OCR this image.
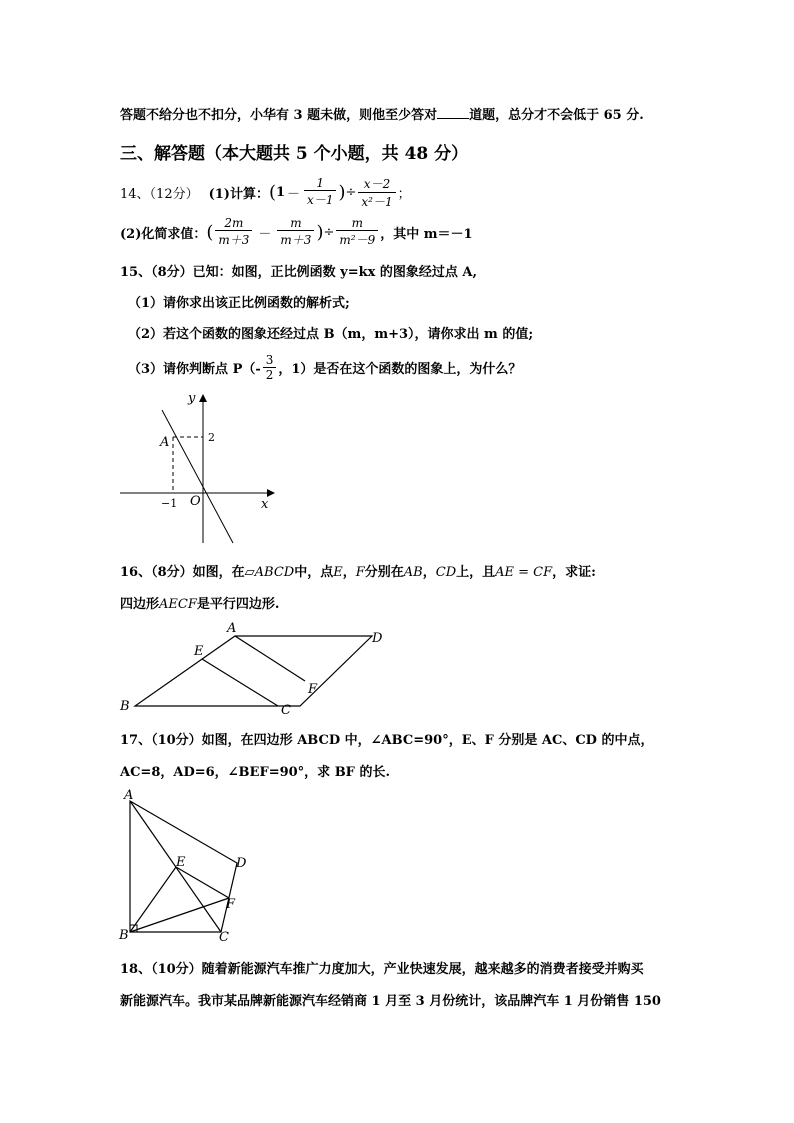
答题不给分也不扣分，小华有 3 题未做，则他至少答对 道题，总分才不会低于 65 分.
三、解答题（本大题共 5 个小题，共 48 分）
14、（12分） (1)计算： ( $1 - \frac{1}{x-1}$ ) ÷ $\frac{x-2}{\text{x²－1}}$ ；
(2)化简求值： ( $\frac{2m}{m+3} - \frac{m}{m+3}$ ) ÷ $\frac{m}{\text{m²－9}}$ ，其中 m＝－1
15、（8分）已知：如图，正比例函数 y=kx 的图象经过点 A,
（1）请你求出该正比例函数的解析式;
（2）若这个函数的图象还经过点 B（m，m+3），请你求出 m 的值;
（3）请你判断点 $P(- \frac{3}{2}$ ，1）是否在这个函数的图象上，为什么？
y
x
O
A	2
−1
16、（8分）如图，在▱ABCD中，点E，F分别在AB，CD上，且AE = CF，求证:
四边形AECF是平行四边形.
A
D
B	C
E
F
17、（10分）如图，在四边形 ABCD 中，∠ABC=90°，E、F 分别是 AC、CD 的中点，
AC=8，AD=6，∠BEF=90°，求 BF 的长.
A
B	C
D
E
F
18、（10分）随着新能源汽车推广力度加大，产业快速发展，越来越多的消费者接受并购买
新能源汽车。我市某品牌新能源汽车经销商 1 月至 3 月份统计，该品牌汽车 1 月份销售 150
